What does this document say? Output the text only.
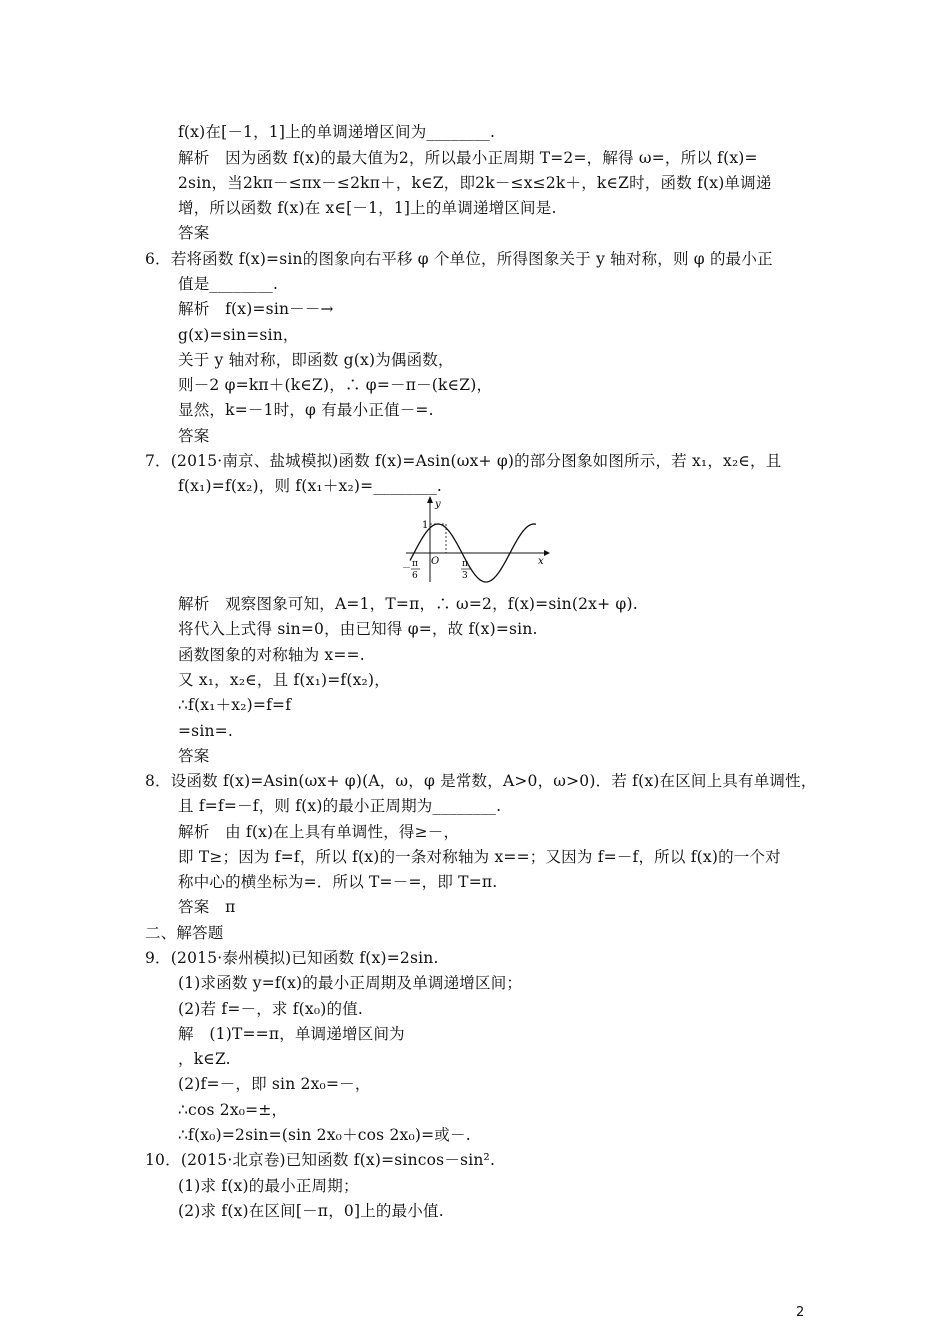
f(x)在[－1，1]上的单调递增区间为________.
解析　因为函数 f(x)的最大值为2，所以最小正周期 T=2=，解得 ω=，所以 f(x)=
2sin，当2kπ－≤πx－≤2kπ＋，k∈Z，即2k－≤x≤2k＋，k∈Z时，函数 f(x)单调递
增，所以函数 f(x)在 x∈[－1，1]上的单调递增区间是.
答案
6．若将函数 f(x)=sin的图象向右平移 φ 个单位，所得图象关于 y 轴对称，则 φ 的最小正
值是________.
解析　f(x)=sin－－→
g(x)=sin=sin，
关于 y 轴对称，即函数 g(x)为偶函数，
则－2 φ=kπ＋(k∈Z)，∴ φ=－π－(k∈Z)，
显然，k=－1时，φ 有最小正值－=.
答案
7．(2015·南京、盐城模拟)函数 f(x)=Asin(ωx+ φ)的部分图象如图所示，若 x₁，x₂∈，且
f(x₁)=f(x₂)，则 f(x₁＋x₂)=________.
解析　观察图象可知，A=1，T=π，∴ ω=2，f(x)=sin(2x+ φ).
将代入上式得 sin=0，由已知得 φ=，故 f(x)=sin.
函数图象的对称轴为 x==.
又 x₁，x₂∈，且 f(x₁)=f(x₂)，
∴f(x₁＋x₂)=f=f
=sin=.
答案
8．设函数 f(x)=Asin(ωx+ φ)(A，ω，φ 是常数，A>0，ω>0)．若 f(x)在区间上具有单调性，
且 f=f=－f，则 f(x)的最小正周期为________.
解析　由 f(x)在上具有单调性，得≥－，
即 T≥；因为 f=f，所以 f(x)的一条对称轴为 x==；又因为 f=－f，所以 f(x)的一个对
称中心的横坐标为=．所以 T=－=，即 T=π.
答案　π
二、解答题
9．(2015·泰州模拟)已知函数 f(x)=2sin.
(1)求函数 y=f(x)的最小正周期及单调递增区间；
(2)若 f=－，求 f(x₀)的值.
解　(1)T==π，单调递增区间为
，k∈Z.
(2)f=－，即 sin 2x₀=－，
∴cos 2x₀=±，
∴f(x₀)=2sin=(sin 2x₀＋cos 2x₀)=或－.
10．(2015·北京卷)已知函数 f(x)=sincos－sin².
(1)求 f(x)的最小正周期；
(2)求 f(x)在区间[－π，0]上的最小值.
y
x
1
O
－ π
6
π
3
2
